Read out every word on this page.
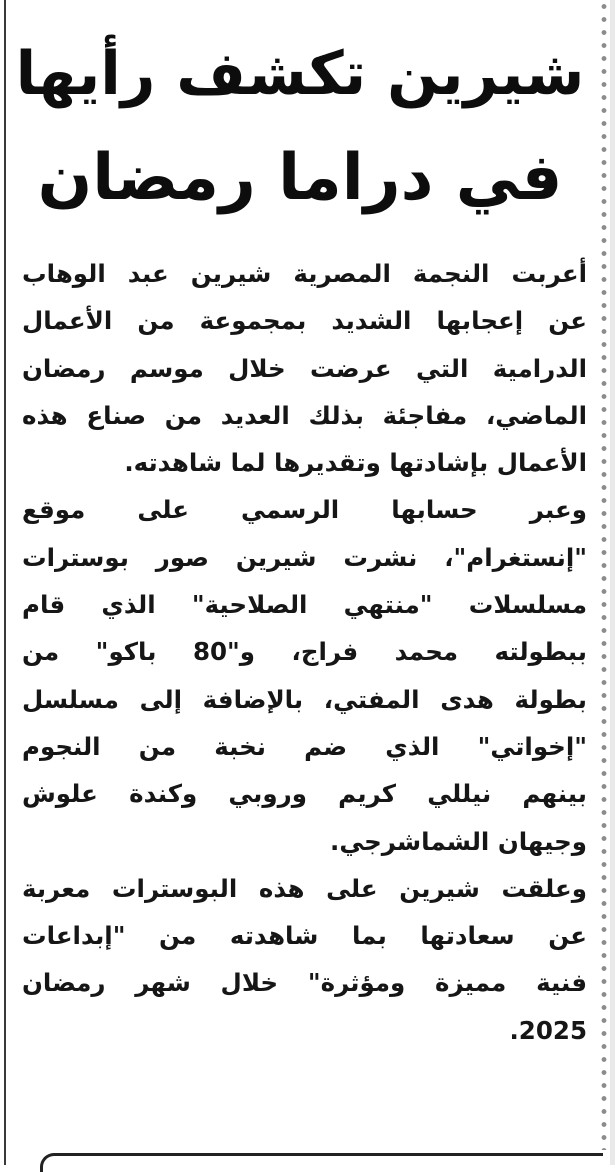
شيرين تكشف رأيها
في دراما رمضان
أعربت النجمة المصرية شيرين عبد الوهاب
عن إعجابها الشديد بمجموعة من الأعمال
الدرامية التي عرضت خلال موسم رمضان
الماضي، مفاجئة بذلك العديد من صناع هذه
الأعمال بإشادتها وتقديرها لما شاهدته.
وعبر حسابها الرسمي على موقع
"إنستغرام"، نشرت شيرين صور بوسترات
مسلسلات "منتهي الصلاحية" الذي قام
ببطولته محمد فراج، و"80 باكو" من
بطولة هدى المفتي، بالإضافة إلى مسلسل
"إخواتي" الذي ضم نخبة من النجوم
بينهم نيللي كريم وروبي وكندة علوش
وجيهان الشماشرجي.
وعلقت شيرين على هذه البوسترات معربة
عن سعادتها بما شاهدته من "إبداعات
فنية مميزة ومؤثرة" خلال شهر رمضان
2025.
